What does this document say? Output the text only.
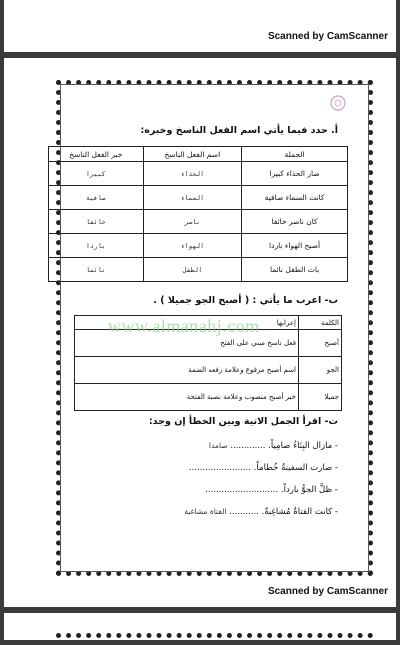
Scanned by CamScanner
أ. حدد فيما يأتي اسم الفعل الناسخ وخبره:
الجملة	اسم الفعل الناسخ	خبر الفعل الناسخ
صار الحذاء كبيرا	الحذاء	كبيرا
كانت السماء صافية	السماء	صافية
كان ناصر خائفا	ناصر	خائفا
أصبح الهواء باردا	الهواء	باردا
بات الطفل نائما	الطفل	نائما
ب- اعرب ما يأتي : ( أصبح الجو جميلا ) .
الكلمة	إعرابها
أصبح	فعل ناسخ مبني على الفتح
الجو	اسم أصبح مرفوع وعلامة رفعه الضمة
جميلا	خبر أصبح منصوب وعلامة نصبة الفتحة
www.almanahj.com
ت- اقرأ الجمل الاتية وبين الخطأ إن وجد:
- مازال البِنَاءُ صامِياً. ............. صامدا
- صارت السفينةُ خُطاماً. .......................
- ظلَّ الجوُّ بارداً. ...........................
- كانت الفتاةُ مُشاغِبةٌ. ........... الفتاة مشاغبة
Scanned by CamScanner
